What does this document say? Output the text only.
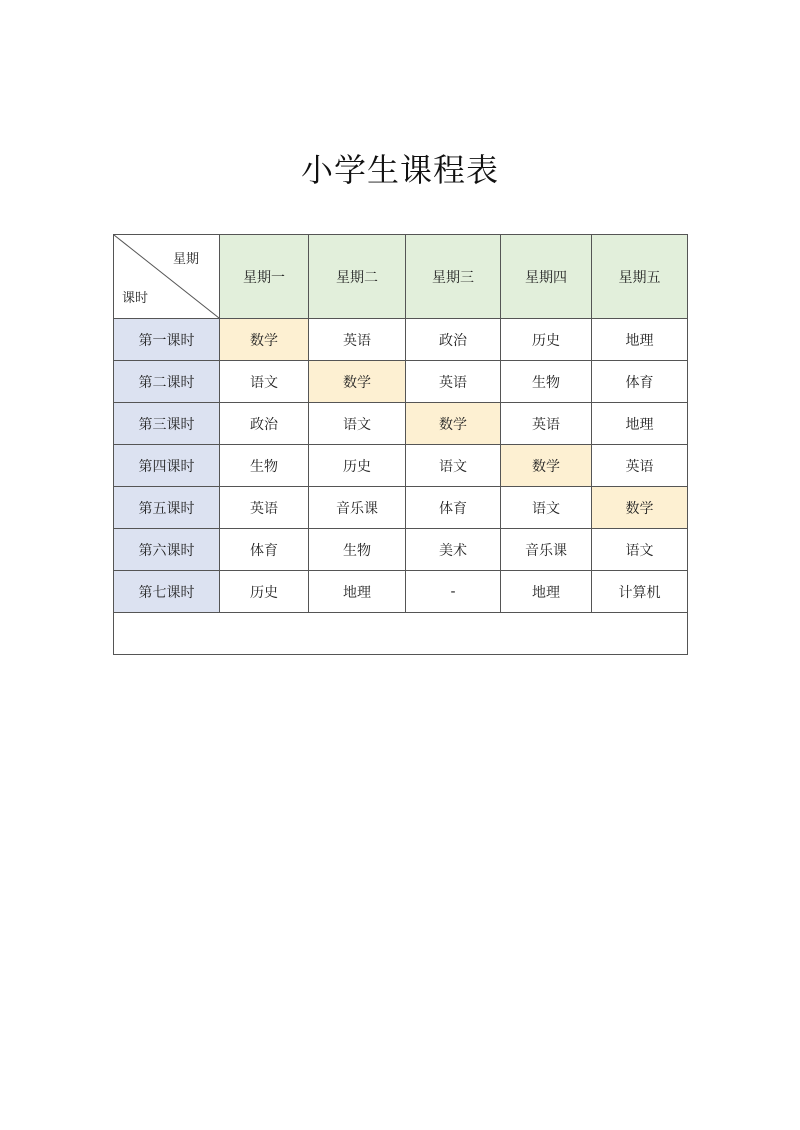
小学生课程表
星期
课时	星期一	星期二	星期三	星期四	星期五
第一课时	数学	英语	政治	历史	地理
第二课时	语文	数学	英语	生物	体育
第三课时	政治	语文	数学	英语	地理
第四课时	生物	历史	语文	数学	英语
第五课时	英语	音乐课	体育	语文	数学
第六课时	体育	生物	美术	音乐课	语文
第七课时	历史	地理	-	地理	计算机
